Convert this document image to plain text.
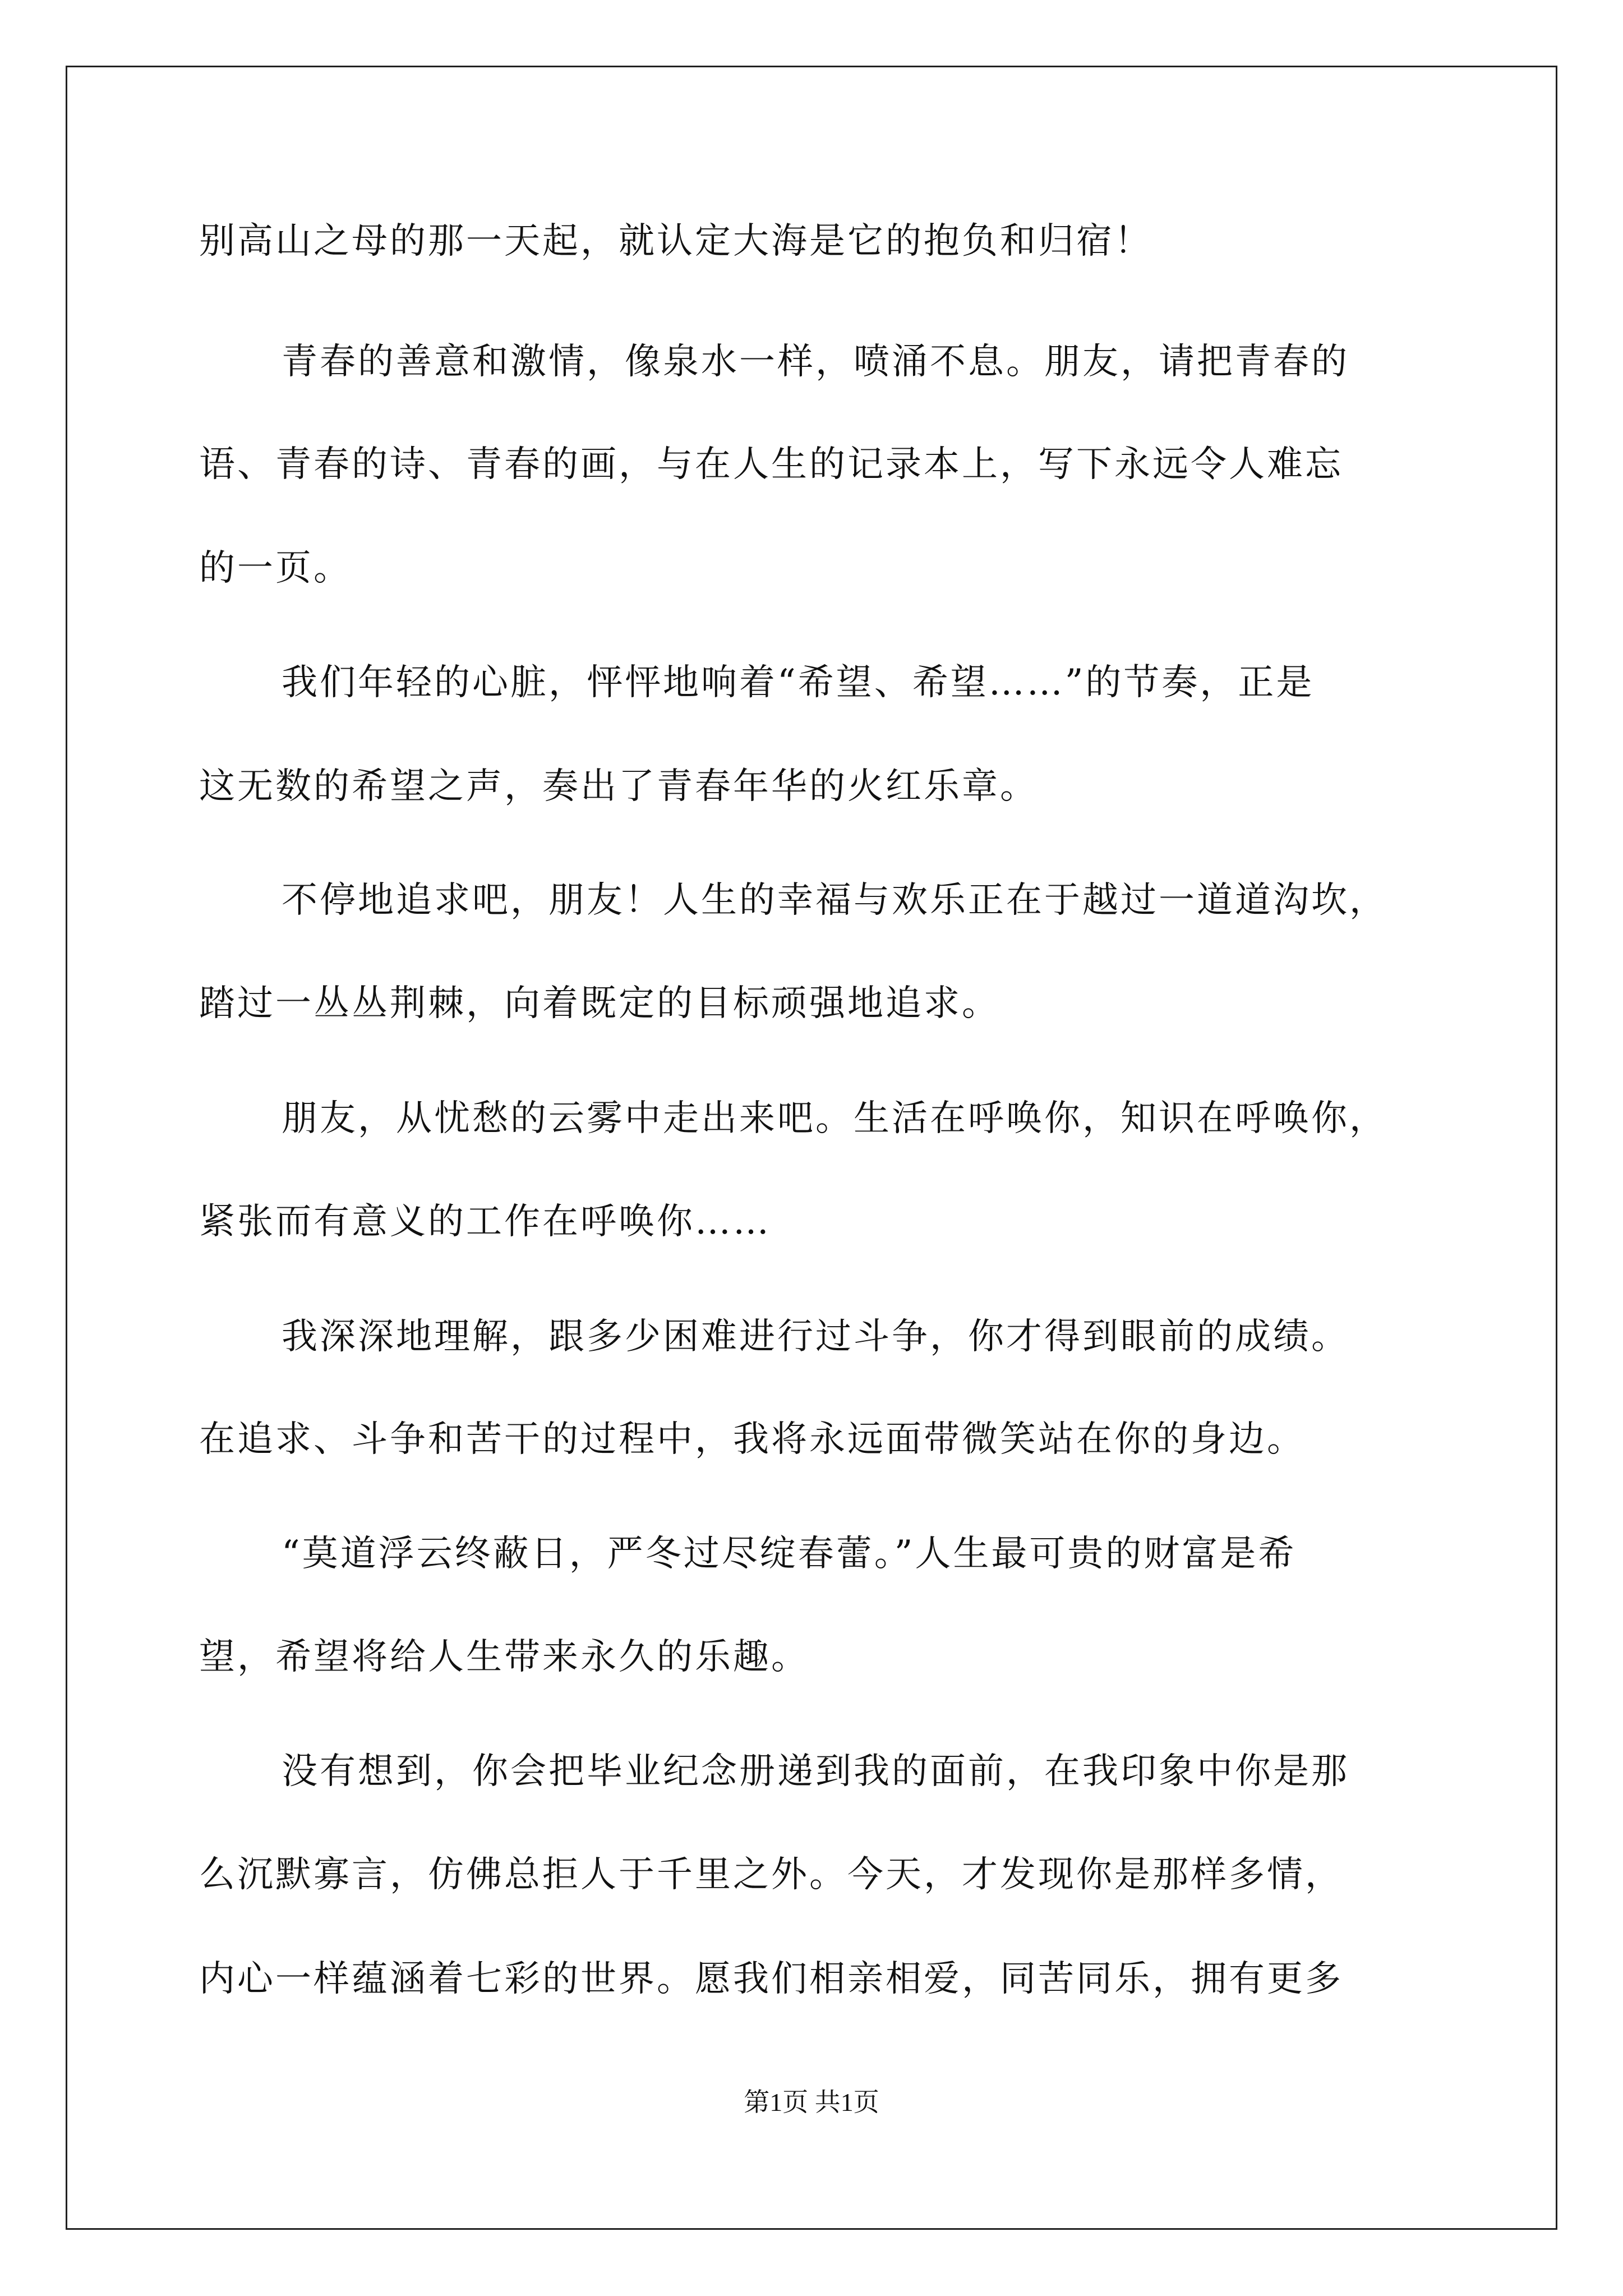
别高山之母的那一天起，就认定大海是它的抱负和归宿！
青春的善意和激情，像泉水一样，喷涌不息。朋友，请把青春的
语、青春的诗、青春的画，与在人生的记录本上，写下永远令人难忘
的一页。
我们年轻的心脏，怦怦地响着“希望、希望……”的节奏，正是
这无数的希望之声，奏出了青春年华的火红乐章。
不停地追求吧，朋友！人生的幸福与欢乐正在于越过一道道沟坎，
踏过一丛丛荆棘，向着既定的目标顽强地追求。
朋友，从忧愁的云雾中走出来吧。生活在呼唤你，知识在呼唤你，
紧张而有意义的工作在呼唤你……
我深深地理解，跟多少困难进行过斗争，你才得到眼前的成绩。
在追求、斗争和苦干的过程中，我将永远面带微笑站在你的身边。
“莫道浮云终蔽日，严冬过尽绽春蕾。”人生最可贵的财富是希
望，希望将给人生带来永久的乐趣。
没有想到，你会把毕业纪念册递到我的面前，在我印象中你是那
么沉默寡言，仿佛总拒人于千里之外。今天，才发现你是那样多情，
内心一样蕴涵着七彩的世界。愿我们相亲相爱，同苦同乐，拥有更多
第1页 共1页
